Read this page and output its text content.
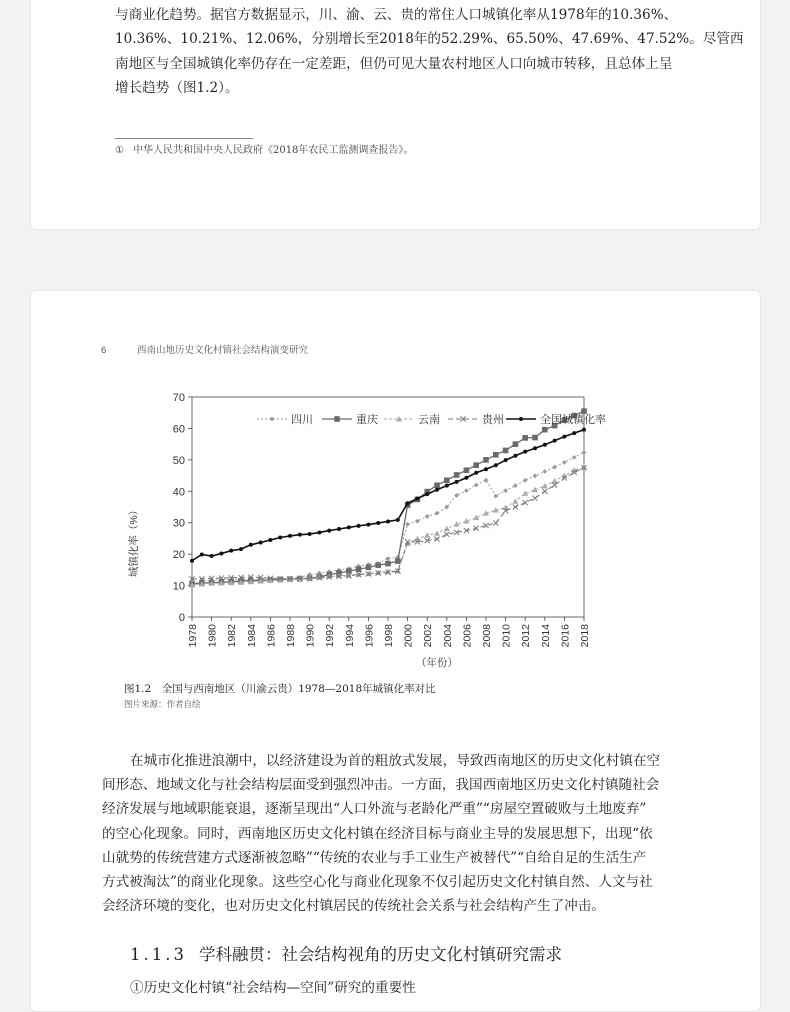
与商业化趋势。据官方数据显示，川、渝、云、贵的常住人口城镇化率从1978年的10.36%、
10.36%、10.21%、12.06%，分别增长至2018年的52.29%、65.50%、47.69%、47.52%。尽管西
南地区与全国城镇化率仍存在一定差距，但仍可见大量农村地区人口向城市转移，且总体上呈
增长趋势（图1.2）。

① 中华人民共和国中央人民政府《2018年农民工监测调查报告》。
6	西南山地历史文化村镇社会结构演变研究
0
10
20
30
40
50
60
70
1978 1980 1982 1984 1986 1988 1990 1992 1994 1996 1998 2000 2002 2004 2006 2008 2010 2012 2014 2016 2018
四川	重庆	云南	贵州	全国城镇化率
城镇化率（%）
（年份）
图1.2　全国与西南地区（川渝云贵）1978—2018年城镇化率对比
图片来源：作者自绘

在城市化推进浪潮中，以经济建设为首的粗放式发展，导致西南地区的历史文化村镇在空
间形态、地域文化与社会结构层面受到强烈冲击。一方面，我国西南地区历史文化村镇随社会
经济发展与地域职能衰退，逐渐呈现出“人口外流与老龄化严重”“房屋空置破败与土地废弃”
的空心化现象。同时，西南地区历史文化村镇在经济目标与商业主导的发展思想下，出现“依
山就势的传统营建方式逐渐被忽略”“传统的农业与手工业生产被替代”“自给自足的生活生产
方式被淘汰”的商业化现象。这些空心化与商业化现象不仅引起历史文化村镇自然、人文与社
会经济环境的变化，也对历史文化村镇居民的传统社会关系与社会结构产生了冲击。

1.1.3 学科融贯：社会结构视角的历史文化村镇研究需求
①历史文化村镇“社会结构—空间”研究的重要性
